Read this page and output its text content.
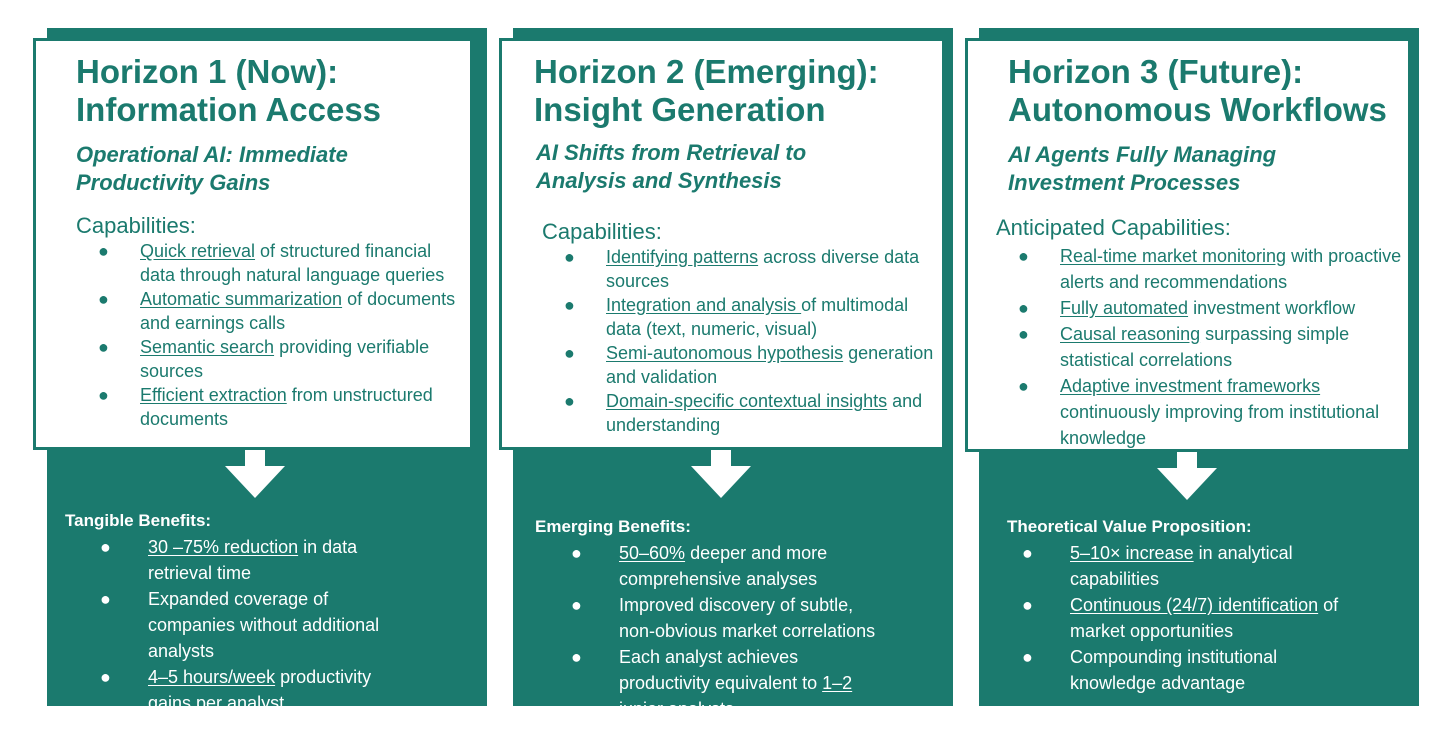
Horizon 1 (Now):
Information Access
Operational AI: Immediate
Productivity Gains
Capabilities:
● Quick retrieval of structured financial data through natural language queries
● Automatic summarization of documents and earnings calls
● Semantic search providing verifiable sources
● Efficient extraction from unstructured documents
Tangible Benefits:
● 30 –75% reduction in data retrieval time
● Expanded coverage of companies without additional analysts
● 4–5 hours/week productivity gains per analyst
Horizon 2 (Emerging):
Insight Generation
AI Shifts from Retrieval to
Analysis and Synthesis
Capabilities:
● Identifying patterns across diverse data sources
● Integration and analysis of multimodal data (text, numeric, visual)
● Semi-autonomous hypothesis generation and validation
● Domain-specific contextual insights and understanding
Emerging Benefits:
● 50–60% deeper and more comprehensive analyses
● Improved discovery of subtle, non-obvious market correlations
● Each analyst achieves productivity equivalent to 1–2 junior analysts
Horizon 3 (Future):
Autonomous Workflows
AI Agents Fully Managing
Investment Processes
Anticipated Capabilities:
● Real-time market monitoring with proactive alerts and recommendations
● Fully automated investment workflow
● Causal reasoning surpassing simple statistical correlations
● Adaptive investment frameworks continuously improving from institutional knowledge
Theoretical Value Proposition:
● 5–10× increase in analytical capabilities
● Continuous (24/7) identification of market opportunities
● Compounding institutional knowledge advantage
